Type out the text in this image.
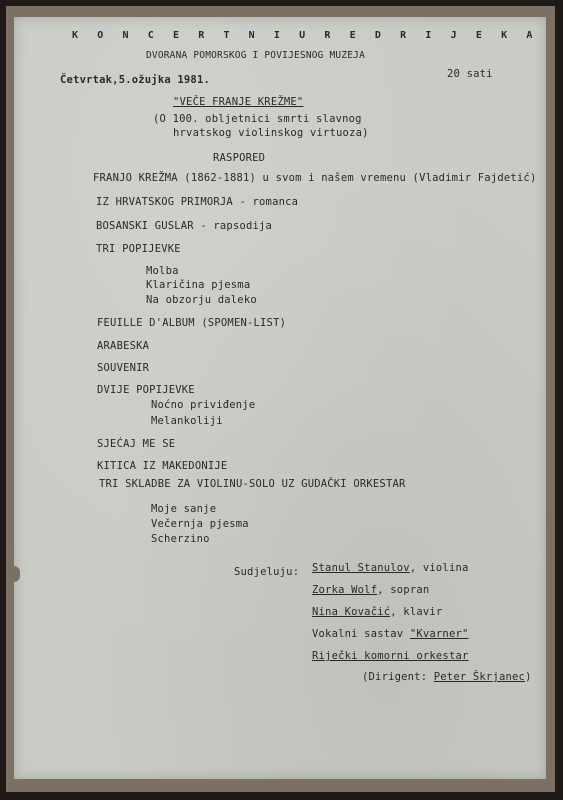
K O N C E R T N I U R E D R I J E K A
DVORANA POMORSKOG I POVIJESNOG MUZEJA
Četvrtak,5.ožujka 1981.	20 sati
"VEČE FRANJE KREŽME"
(O 100. obljetnici smrti slavnog
hrvatskog violinskog virtuoza)
RASPORED
FRANJO KREŽMA (1862-1881) u svom i našem vremenu (Vladimir Fajdetić)
IZ HRVATSKOG PRIMORJA - romanca
BOSANSKI GUSLAR - rapsodija
TRI POPIJEVKE
Molba
Klaričina pjesma
Na obzorju daleko
FEUILLE D'ALBUM (SPOMEN-LIST)
ARABESKA
SOUVENIR
DVIJE POPIJEVKE
Noćno priviđenje
Melankoliji
SJEĆAJ ME SE
KITICA IZ MAKEDONIJE
TRI SKLADBE ZA VIOLINU-SOLO UZ GUDAČKI ORKESTAR
Moje sanje
Večernja pjesma
Scherzino
Sudjeluju: Stanul Stanulov, violina
Zorka Wolf, sopran
Nina Kovačić, klavir
Vokalni sastav "Kvarner"
Riječki komorni orkestar
(Dirigent: Peter Škrjanec)
